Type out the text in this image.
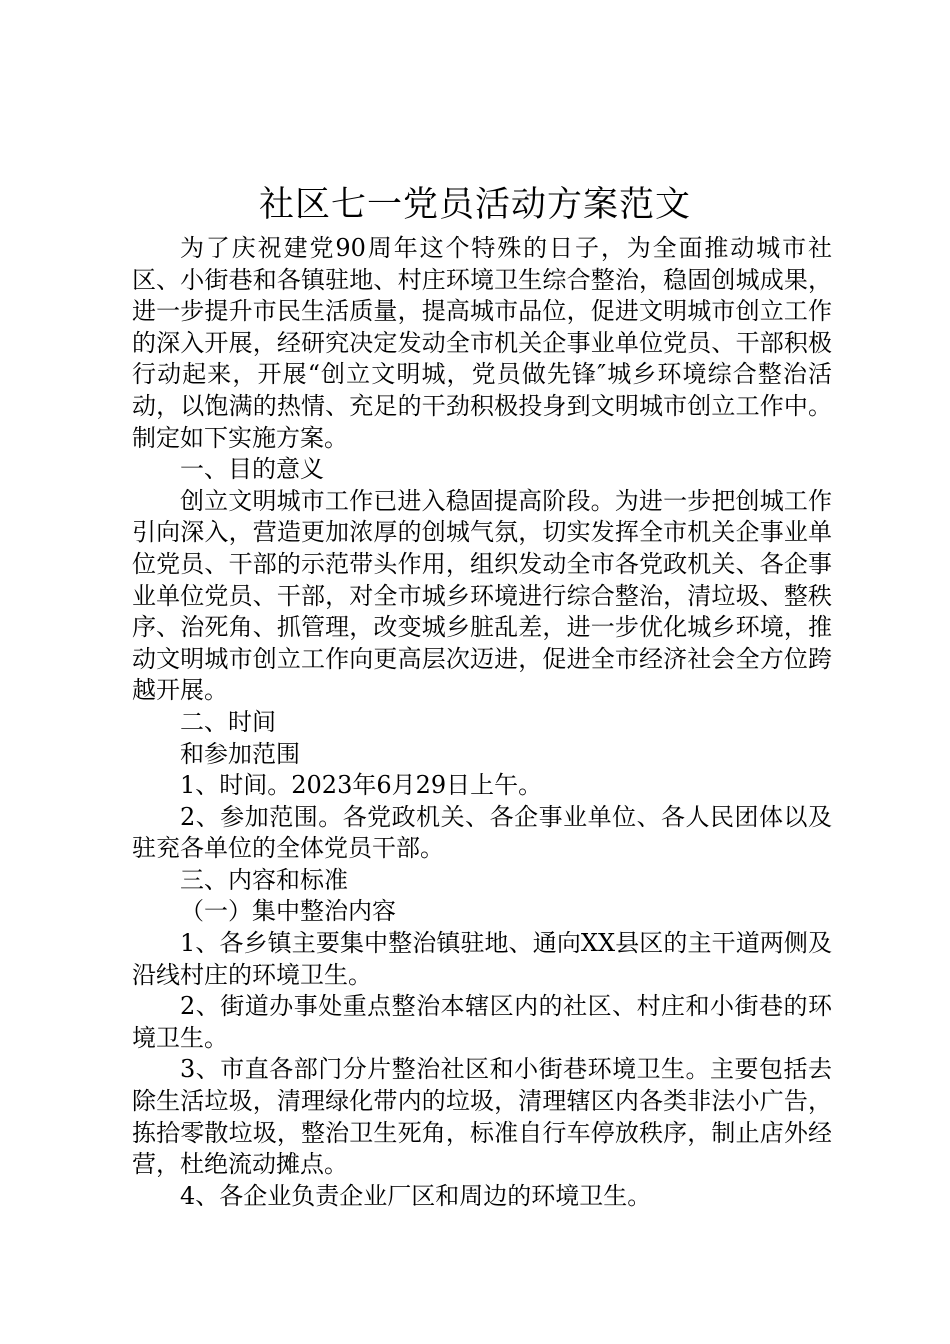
社区七一党员活动方案范文

为了庆祝建党90周年这个特殊的日子，为全面推动城市社区、小街巷和各镇驻地、村庄环境卫生综合整治，稳固创城成果，进一步提升市民生活质量，提高城市品位，促进文明城市创立工作的深入开展，经研究决定发动全市机关企事业单位党员、干部积极行动起来，开展“创立文明城，党员做先锋″城乡环境综合整治活动，以饱满的热情、充足的干劲积极投身到文明城市创立工作中。制定如下实施方案。

一、目的意义

创立文明城市工作已进入稳固提高阶段。为进一步把创城工作引向深入，营造更加浓厚的创城气氛，切实发挥全市机关企事业单位党员、干部的示范带头作用，组织发动全市各党政机关、各企事业单位党员、干部，对全市城乡环境进行综合整治，清垃圾、整秩序、治死角、抓管理，改变城乡脏乱差，进一步优化城乡环境，推动文明城市创立工作向更高层次迈进，促进全市经济社会全方位跨越开展。

二、时间

和参加范围

1、时间。2023年6月29日上午。

2、参加范围。各党政机关、各企事业单位、各人民团体以及驻兖各单位的全体党员干部。

三、内容和标准

（一）集中整治内容

1、各乡镇主要集中整治镇驻地、通向XX县区的主干道两侧及沿线村庄的环境卫生。

2、街道办事处重点整治本辖区内的社区、村庄和小街巷的环境卫生。

3、市直各部门分片整治社区和小街巷环境卫生。主要包括去除生活垃圾，清理绿化带内的垃圾，清理辖区内各类非法小广告，拣拾零散垃圾，整治卫生死角，标准自行车停放秩序，制止店外经营，杜绝流动摊点。

4、各企业负责企业厂区和周边的环境卫生。
